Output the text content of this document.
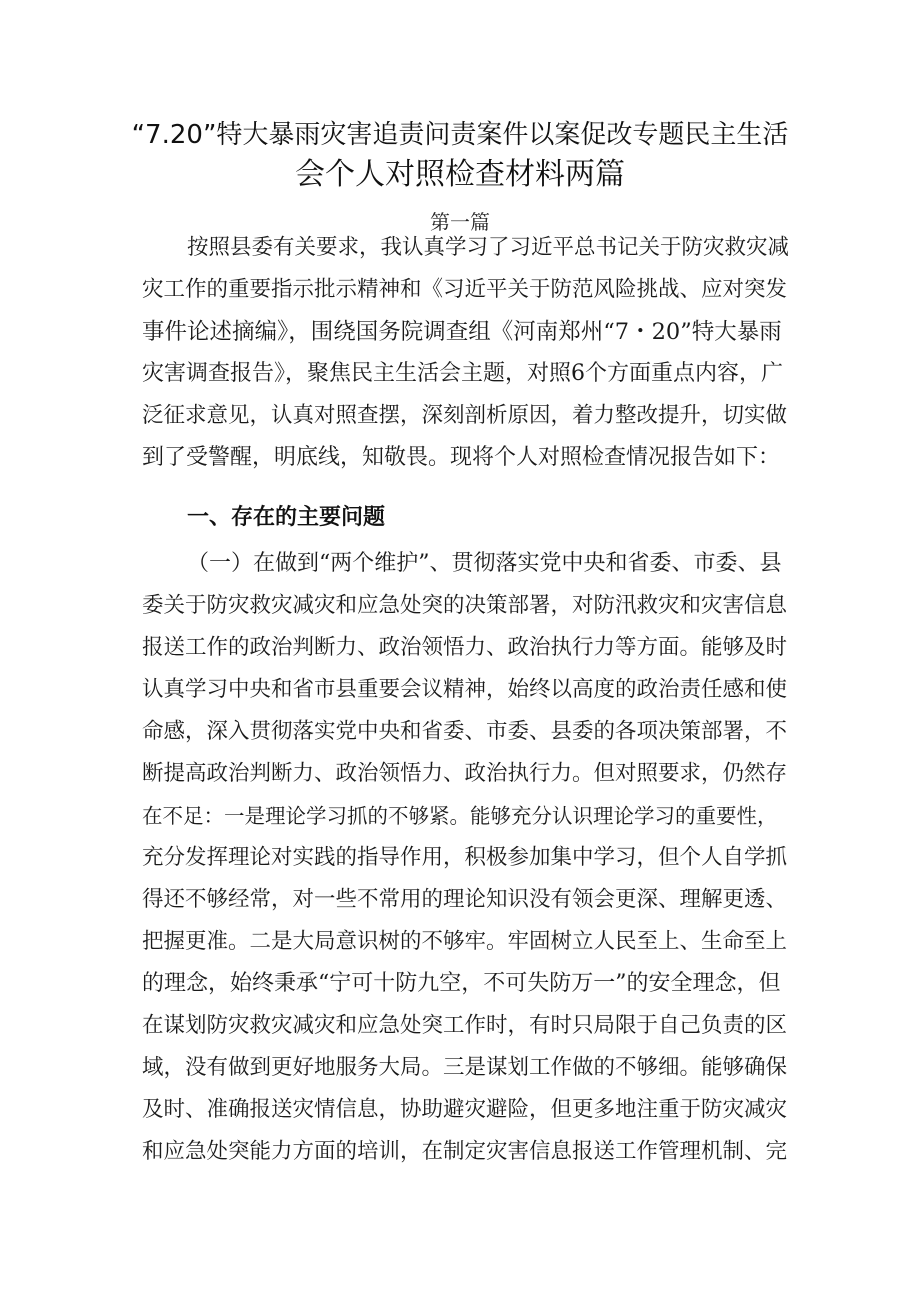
“7.20”特大暴雨灾害追责问责案件以案促改专题民主生活
会个人对照检查材料两篇
第一篇
按照县委有关要求，我认真学习了习近平总书记关于防灾救灾减
灾工作的重要指示批示精神和《习近平关于防范风险挑战、应对突发
事件论述摘编》，围绕国务院调查组《河南郑州“7・20”特大暴雨
灾害调查报告》，聚焦民主生活会主题，对照6个方面重点内容，广
泛征求意见，认真对照查摆，深刻剖析原因，着力整改提升，切实做
到了受警醒，明底线，知敬畏。现将个人对照检查情况报告如下：
一、存在的主要问题
（一）在做到“两个维护”、贯彻落实党中央和省委、市委、县
委关于防灾救灾减灾和应急处突的决策部署，对防汛救灾和灾害信息
报送工作的政治判断力、政治领悟力、政治执行力等方面。能够及时
认真学习中央和省市县重要会议精神，始终以高度的政治责任感和使
命感，深入贯彻落实党中央和省委、市委、县委的各项决策部署，不
断提高政治判断力、政治领悟力、政治执行力。但对照要求，仍然存
在不足：一是理论学习抓的不够紧。能够充分认识理论学习的重要性，
充分发挥理论对实践的指导作用，积极参加集中学习，但个人自学抓
得还不够经常，对一些不常用的理论知识没有领会更深、理解更透、
把握更准。二是大局意识树的不够牢。牢固树立人民至上、生命至上
的理念，始终秉承“宁可十防九空，不可失防万一”的安全理念，但
在谋划防灾救灾减灾和应急处突工作时，有时只局限于自己负责的区
域，没有做到更好地服务大局。三是谋划工作做的不够细。能够确保
及时、准确报送灾情信息，协助避灾避险，但更多地注重于防灾减灾
和应急处突能力方面的培训，在制定灾害信息报送工作管理机制、完
